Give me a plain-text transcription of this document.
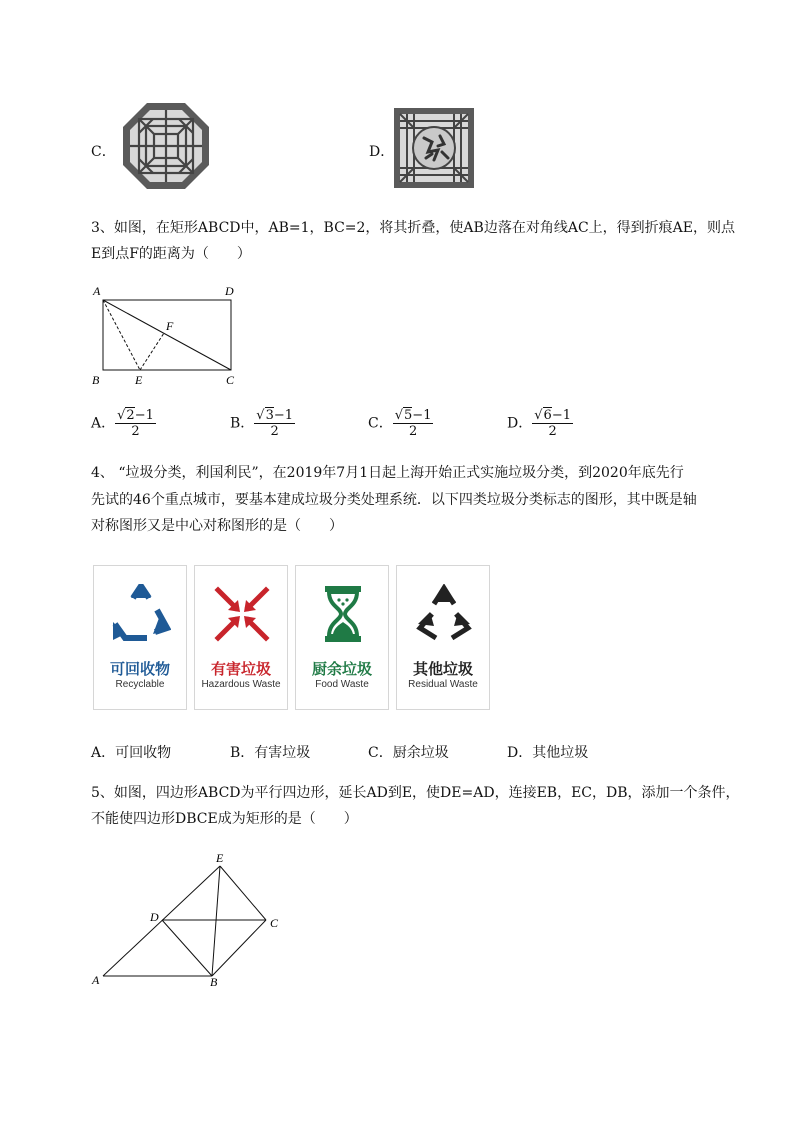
C．	D．
3、如图，在矩形ABCD中，AB=1，BC=2，将其折叠，使AB边落在对角线AC上，得到折痕AE，则点
E到点F的距离为（　　）
A	D
F
B	E	C
A． $\frac{√2-1}{2}$	B． $\frac{√3-1}{2}$	C． $\frac{√5-1}{2}$	D． $\frac{√6-1}{2}$
4、 “垃圾分类，利国利民”，在2019年7月1日起上海开始正式实施垃圾分类，到2020年底先行
先试的46个重点城市，要基本建成垃圾分类处理系统．以下四类垃圾分类标志的图形，其中既是轴
对称图形又是中心对称图形的是（　　）
可回收物
Recyclable
有害垃圾
Hazardous Waste
厨余垃圾
Food Waste
其他垃圾
Residual Waste
A．可回收物	B．有害垃圾	C．厨余垃圾	D．其他垃圾
5、如图，四边形ABCD为平行四边形，延长AD到E，使DE=AD，连接EB，EC，DB，添加一个条件，
不能使四边形DBCE成为矩形的是（　　）
E
D	C
A	B
